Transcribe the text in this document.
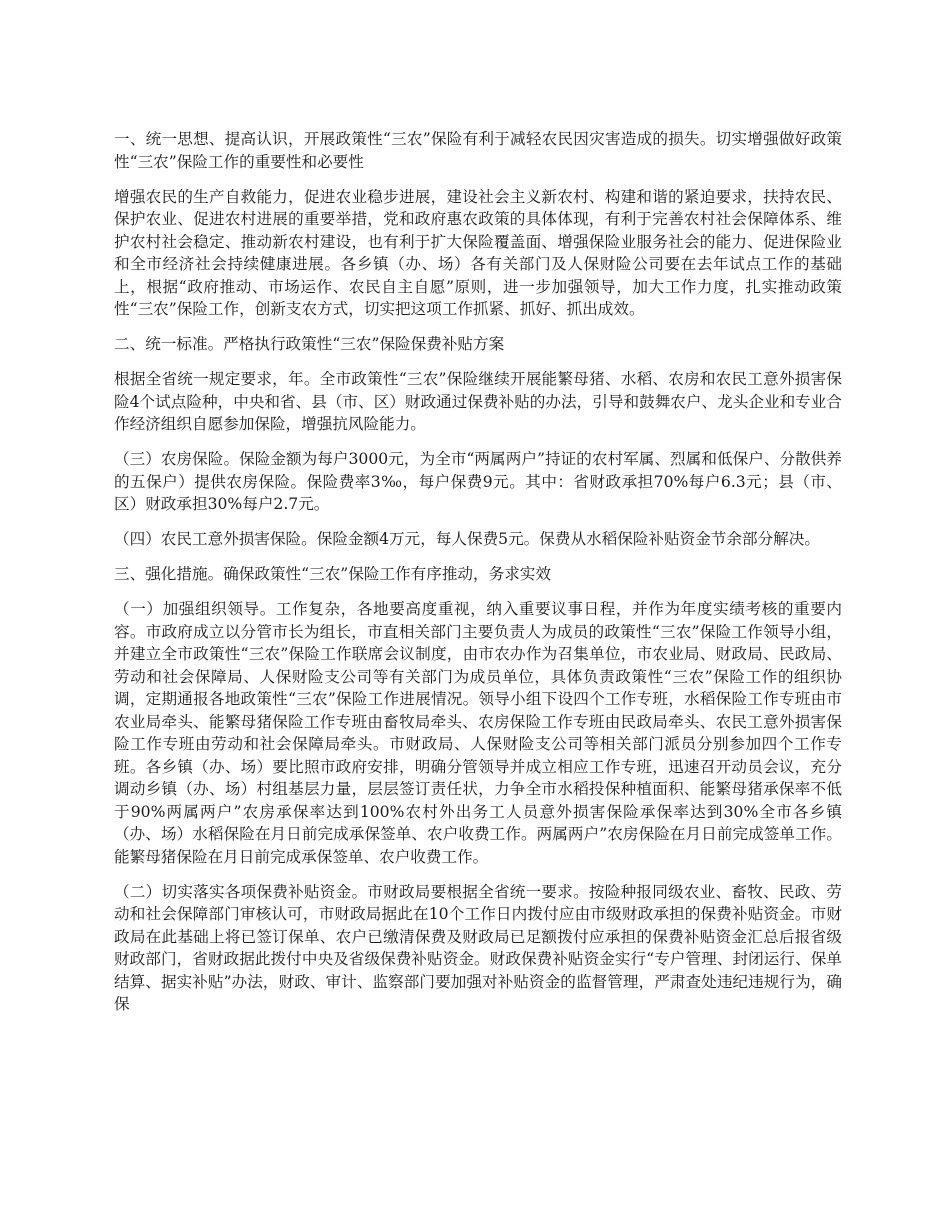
一、统一思想、提高认识，开展政策性“三农”保险有利于减轻农民因灾害造成的损失。切实增强做好政策性“三农”保险工作的重要性和必要性

增强农民的生产自救能力，促进农业稳步进展，建设社会主义新农村、构建和谐的紧迫要求，扶持农民、保护农业、促进农村进展的重要举措，党和政府惠农政策的具体体现，有利于完善农村社会保障体系、维护农村社会稳定、推动新农村建设，也有利于扩大保险覆盖面、增强保险业服务社会的能力、促进保险业和全市经济社会持续健康进展。各乡镇（办、场）各有关部门及人保财险公司要在去年试点工作的基础上，根据“政府推动、市场运作、农民自主自愿”原则，进一步加强领导，加大工作力度，扎实推动政策性“三农”保险工作，创新支农方式，切实把这项工作抓紧、抓好、抓出成效。

二、统一标准。严格执行政策性“三农”保险保费补贴方案

根据全省统一规定要求，年。全市政策性“三农”保险继续开展能繁母猪、水稻、农房和农民工意外损害保险4个试点险种，中央和省、县（市、区）财政通过保费补贴的办法，引导和鼓舞农户、龙头企业和专业合作经济组织自愿参加保险，增强抗风险能力。

（三）农房保险。保险金额为每户3000元，为全市“两属两户”持证的农村军属、烈属和低保户、分散供养的五保户）提供农房保险。保险费率3‰，每户保费9元。其中：省财政承担70%每户6.3元；县（市、区）财政承担30%每户2.7元。

（四）农民工意外损害保险。保险金额4万元，每人保费5元。保费从水稻保险补贴资金节余部分解决。

三、强化措施。确保政策性“三农”保险工作有序推动，务求实效

（一）加强组织领导。工作复杂，各地要高度重视，纳入重要议事日程，并作为年度实绩考核的重要内容。市政府成立以分管市长为组长，市直相关部门主要负责人为成员的政策性“三农”保险工作领导小组，并建立全市政策性“三农”保险工作联席会议制度，由市农办作为召集单位，市农业局、财政局、民政局、劳动和社会保障局、人保财险支公司等有关部门为成员单位，具体负责政策性“三农”保险工作的组织协调，定期通报各地政策性“三农”保险工作进展情况。领导小组下设四个工作专班，水稻保险工作专班由市农业局牵头、能繁母猪保险工作专班由畜牧局牵头、农房保险工作专班由民政局牵头、农民工意外损害保险工作专班由劳动和社会保障局牵头。市财政局、人保财险支公司等相关部门派员分别参加四个工作专班。各乡镇（办、场）要比照市政府安排，明确分管领导并成立相应工作专班，迅速召开动员会议，充分调动乡镇（办、场）村组基层力量，层层签订责任状，力争全市水稻投保种植面积、能繁母猪承保率不低于90%两属两户”农房承保率达到100%农村外出务工人员意外损害保险承保率达到30%全市各乡镇（办、场）水稻保险在月日前完成承保签单、农户收费工作。两属两户”农房保险在月日前完成签单工作。能繁母猪保险在月日前完成承保签单、农户收费工作。

（二）切实落实各项保费补贴资金。市财政局要根据全省统一要求。按险种报同级农业、畜牧、民政、劳动和社会保障部门审核认可，市财政局据此在10个工作日内拨付应由市级财政承担的保费补贴资金。市财政局在此基础上将已签订保单、农户已缴清保费及财政局已足额拨付应承担的保费补贴资金汇总后报省级财政部门，省财政据此拨付中央及省级保费补贴资金。财政保费补贴资金实行“专户管理、封闭运行、保单结算、据实补贴”办法，财政、审计、监察部门要加强对补贴资金的监督管理，严肃查处违纪违规行为，确保
